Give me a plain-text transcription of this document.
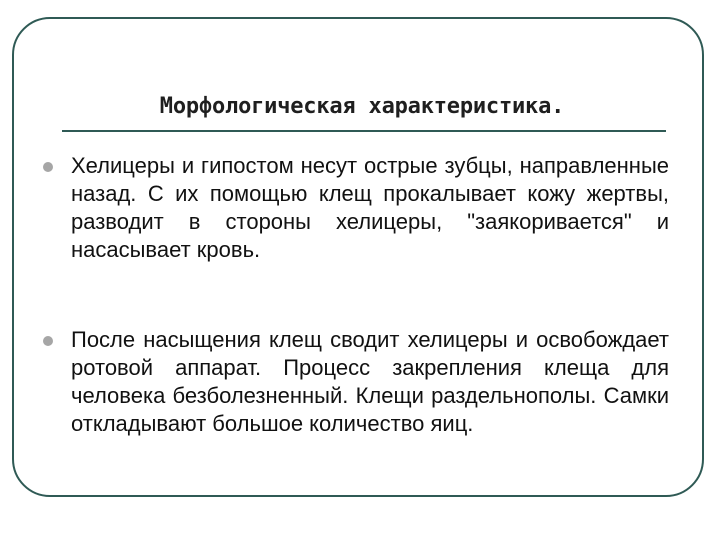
Морфологическая характеристика.
Хелицеры и гипостом несут острые зубцы, направленные назад. С их помощью клещ прокалывает кожу жертвы, разводит в стороны хелицеры, "заякоривается" и насасывает кровь.
После насыщения клещ сводит хелицеры и освобождает ротовой аппарат. Процесс закрепления клеща для человека безболезненный. Клещи раздельнополы. Самки откладывают большое количество яиц.
